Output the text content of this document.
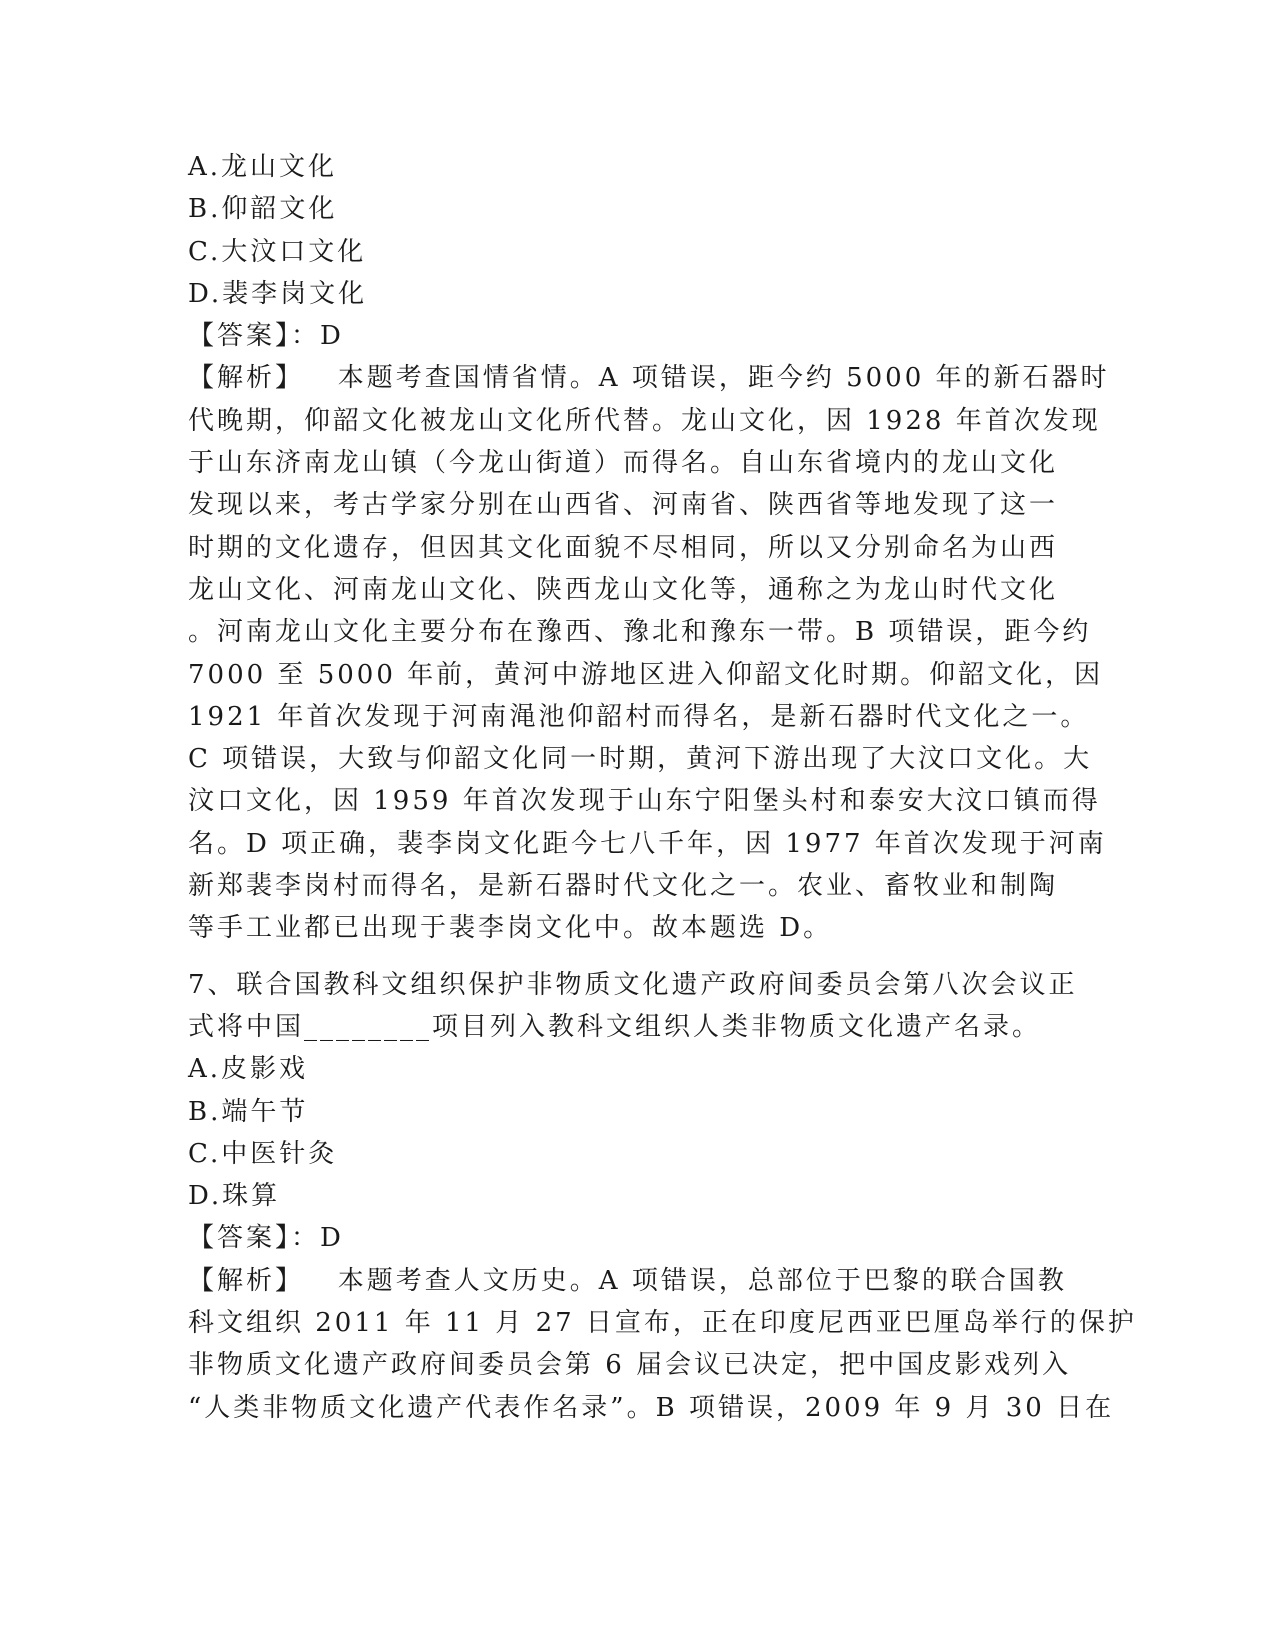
A.龙山文化
B.仰韶文化
C.大汶口文化
D.裴李岗文化
【答案】：D
【解析】   本题考查国情省情。A 项错误，距今约 5000 年的新石器时
代晚期，仰韶文化被龙山文化所代替。龙山文化，因 1928 年首次发现
于山东济南龙山镇（今龙山街道）而得名。自山东省境内的龙山文化
发现以来，考古学家分别在山西省、河南省、陕西省等地发现了这一
时期的文化遗存，但因其文化面貌不尽相同，所以又分别命名为山西
龙山文化、河南龙山文化、陕西龙山文化等，通称之为龙山时代文化
。河南龙山文化主要分布在豫西、豫北和豫东一带。B 项错误，距今约
7000 至 5000 年前，黄河中游地区进入仰韶文化时期。仰韶文化，因
1921 年首次发现于河南渑池仰韶村而得名，是新石器时代文化之一。
C 项错误，大致与仰韶文化同一时期，黄河下游出现了大汶口文化。大
汶口文化，因 1959 年首次发现于山东宁阳堡头村和泰安大汶口镇而得
名。D 项正确，裴李岗文化距今七八千年，因 1977 年首次发现于河南
新郑裴李岗村而得名，是新石器时代文化之一。农业、畜牧业和制陶
等手工业都已出现于裴李岗文化中。故本题选 D。
7、联合国教科文组织保护非物质文化遗产政府间委员会第八次会议正
式将中国________项目列入教科文组织人类非物质文化遗产名录。
A.皮影戏
B.端午节
C.中医针灸
D.珠算
【答案】：D
【解析】   本题考查人文历史。A 项错误，总部位于巴黎的联合国教
科文组织 2011 年 11 月 27 日宣布，正在印度尼西亚巴厘岛举行的保护
非物质文化遗产政府间委员会第 6 届会议已决定，把中国皮影戏列入
“人类非物质文化遗产代表作名录”。B 项错误，2009 年 9 月 30 日在
